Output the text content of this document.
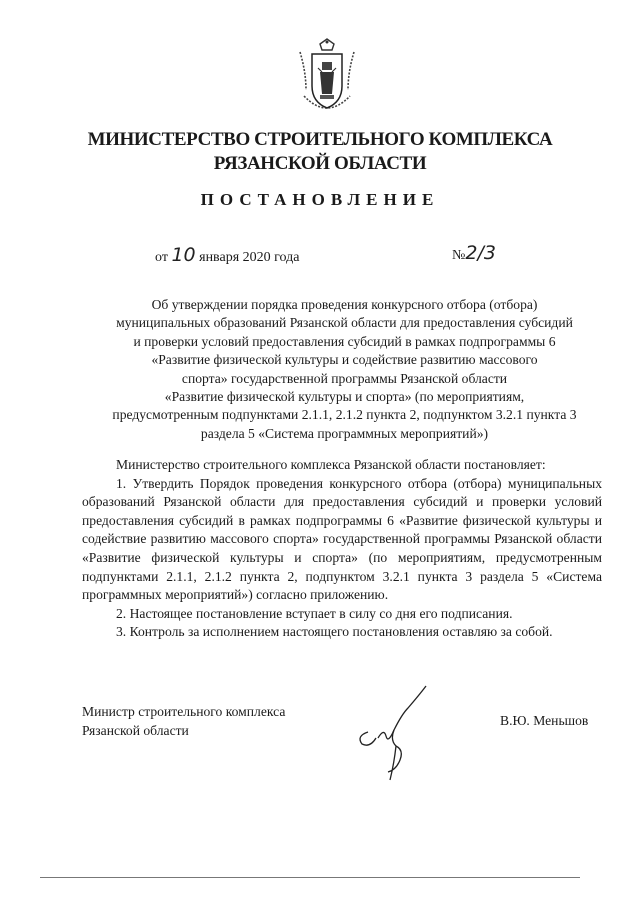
МИНИСТЕРСТВО СТРОИТЕЛЬНОГО КОМПЛЕКСА
РЯЗАНСКОЙ ОБЛАСТИ
ПОСТАНОВЛЕНИЕ
от 10 января 2020 года	№2/3
Об утверждении порядка проведения конкурсного отбора (отбора)
муниципальных образований Рязанской области для предоставления субсидий
и проверки условий предоставления субсидий в рамках подпрограммы 6
«Развитие физической культуры и содействие развитию массового
спорта» государственной программы Рязанской области
«Развитие физической культуры и спорта» (по мероприятиям,
предусмотренным подпунктами 2.1.1, 2.1.2 пункта 2, подпунктом 3.2.1 пункта 3
раздела 5 «Система программных мероприятий»)

Министерство строительного комплекса Рязанской области постановляет:

1. Утвердить Порядок проведения конкурсного отбора (отбора) муниципальных образований Рязанской области для предоставления субсидий и проверки условий предоставления субсидий в рамках подпрограммы 6 «Развитие физической культуры и содействие развитию массового спорта» государственной программы Рязанской области «Развитие физической культуры и спорта» (по мероприятиям, предусмотренным подпунктами 2.1.1, 2.1.2 пункта 2, подпунктом 3.2.1 пункта 3 раздела 5 «Система программных мероприятий») согласно приложению.

2. Настоящее постановление вступает в силу со дня его подписания.

3. Контроль за исполнением настоящего постановления оставляю за собой.

Министр строительного комплекса
Рязанской области
В.Ю. Меньшов
